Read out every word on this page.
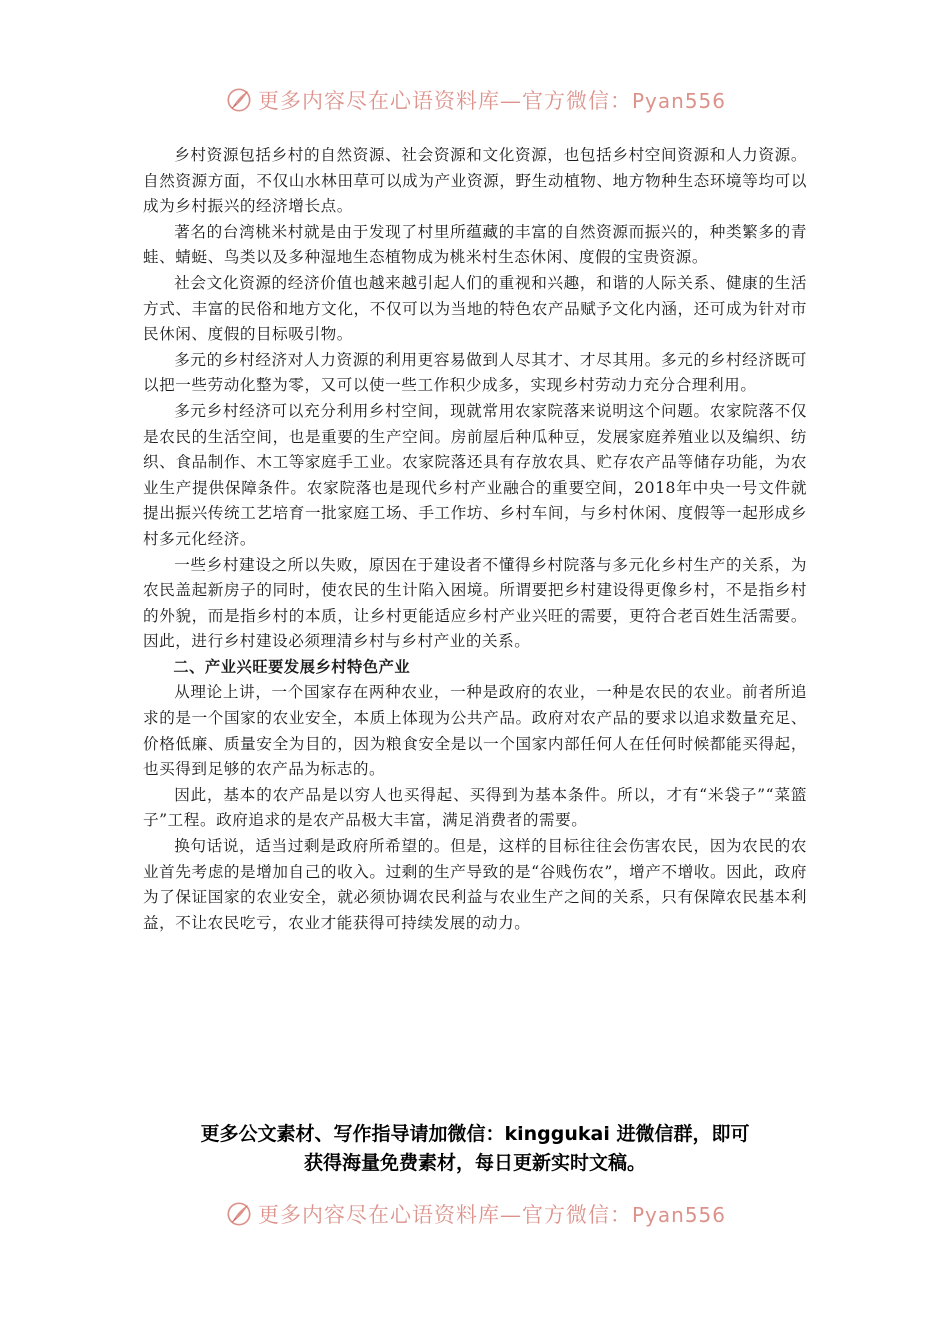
更多内容尽在心语资料库—官方微信：Pyan556

乡村资源包括乡村的自然资源、社会资源和文化资源，也包括乡村空间资源和人力资源。自然资源方面，不仅山水林田草可以成为产业资源，野生动植物、地方物种生态环境等均可以成为乡村振兴的经济增长点。

著名的台湾桃米村就是由于发现了村里所蕴藏的丰富的自然资源而振兴的，种类繁多的青蛙、蜻蜓、鸟类以及多种湿地生态植物成为桃米村生态休闲、度假的宝贵资源。

社会文化资源的经济价值也越来越引起人们的重视和兴趣，和谐的人际关系、健康的生活方式、丰富的民俗和地方文化，不仅可以为当地的特色农产品赋予文化内涵，还可成为针对市民休闲、度假的目标吸引物。

多元的乡村经济对人力资源的利用更容易做到人尽其才、才尽其用。多元的乡村经济既可以把一些劳动化整为零，又可以使一些工作积少成多，实现乡村劳动力充分合理利用。

多元乡村经济可以充分利用乡村空间，现就常用农家院落来说明这个问题。农家院落不仅是农民的生活空间，也是重要的生产空间。房前屋后种瓜种豆，发展家庭养殖业以及编织、纺织、食品制作、木工等家庭手工业。农家院落还具有存放农具、贮存农产品等储存功能，为农业生产提供保障条件。农家院落也是现代乡村产业融合的重要空间，2018年中央一号文件就提出振兴传统工艺培育一批家庭工场、手工作坊、乡村车间，与乡村休闲、度假等一起形成乡村多元化经济。

一些乡村建设之所以失败，原因在于建设者不懂得乡村院落与多元化乡村生产的关系，为农民盖起新房子的同时，使农民的生计陷入困境。所谓要把乡村建设得更像乡村，不是指乡村的外貌，而是指乡村的本质，让乡村更能适应乡村产业兴旺的需要，更符合老百姓生活需要。因此，进行乡村建设必须理清乡村与乡村产业的关系。

二、产业兴旺要发展乡村特色产业

从理论上讲，一个国家存在两种农业，一种是政府的农业，一种是农民的农业。前者所追求的是一个国家的农业安全，本质上体现为公共产品。政府对农产品的要求以追求数量充足、价格低廉、质量安全为目的，因为粮食安全是以一个国家内部任何人在任何时候都能买得起，也买得到足够的农产品为标志的。

因此，基本的农产品是以穷人也买得起、买得到为基本条件。所以，才有“米袋子”“菜篮子”工程。政府追求的是农产品极大丰富，满足消费者的需要。

换句话说，适当过剩是政府所希望的。但是，这样的目标往往会伤害农民，因为农民的农业首先考虑的是增加自己的收入。过剩的生产导致的是“谷贱伤农”，增产不增收。因此，政府为了保证国家的农业安全，就必须协调农民利益与农业生产之间的关系，只有保障农民基本利益，不让农民吃亏，农业才能获得可持续发展的动力。

更多公文素材、写作指导请加微信：kinggukai 进微信群，即可
获得海量免费素材，每日更新实时文稿。
更多内容尽在心语资料库—官方微信：Pyan556
